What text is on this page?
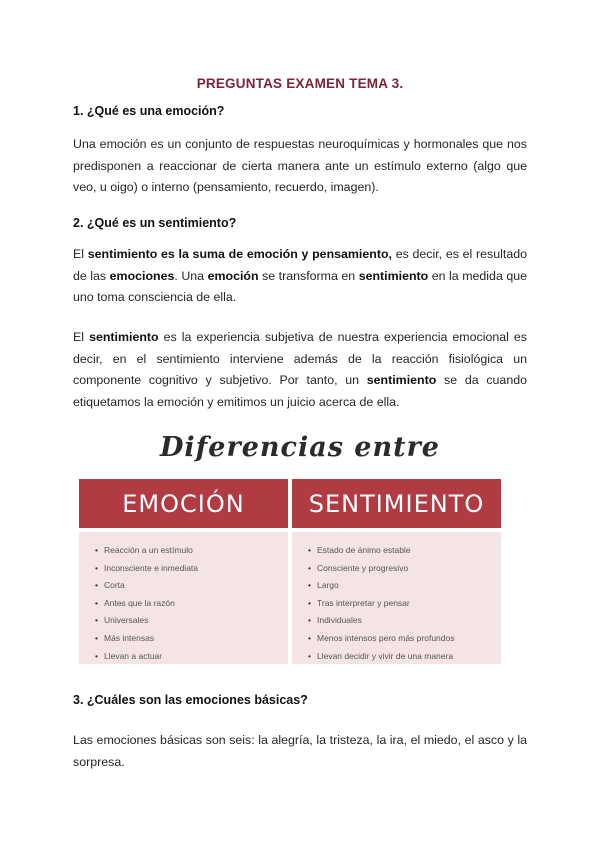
PREGUNTAS EXAMEN TEMA 3.
1. ¿Qué es una emoción?
Una emoción es un conjunto de respuestas neuroquímicas y hormonales que nos predisponen a reaccionar de cierta manera ante un estímulo externo (algo que veo, u oigo) o interno (pensamiento, recuerdo, imagen).
2. ¿Qué es un sentimiento?
El sentimiento es la suma de emoción y pensamiento, es decir, es el resultado de las emociones. Una emoción se transforma en sentimiento en la medida que uno toma consciencia de ella.
El sentimiento es la experiencia subjetiva de nuestra experiencia emocional es decir, en el sentimiento interviene además de la reacción fisiológica un componente cognitivo y subjetivo. Por tanto, un sentimiento se da cuando etiquetamos la emoción y emitimos un juicio acerca de ella.
Diferencias entre
EMOCIÓN
• Reacción a un estímulo
• Inconsciente e inmediata
• Corta
• Antes que la razón
• Universales
• Más intensas
• Llevan a actuar
SENTIMIENTO
• Estado de ánimo estable
• Consciente y progresivo
• Largo
• Tras interpretar y pensar
• Individuales
• Menos intensos pero más profundos
• Llevan decidir y vivir de una manera
3. ¿Cuáles son las emociones básicas?
Las emociones básicas son seis: la alegría, la tristeza, la ira, el miedo, el asco y la sorpresa.
